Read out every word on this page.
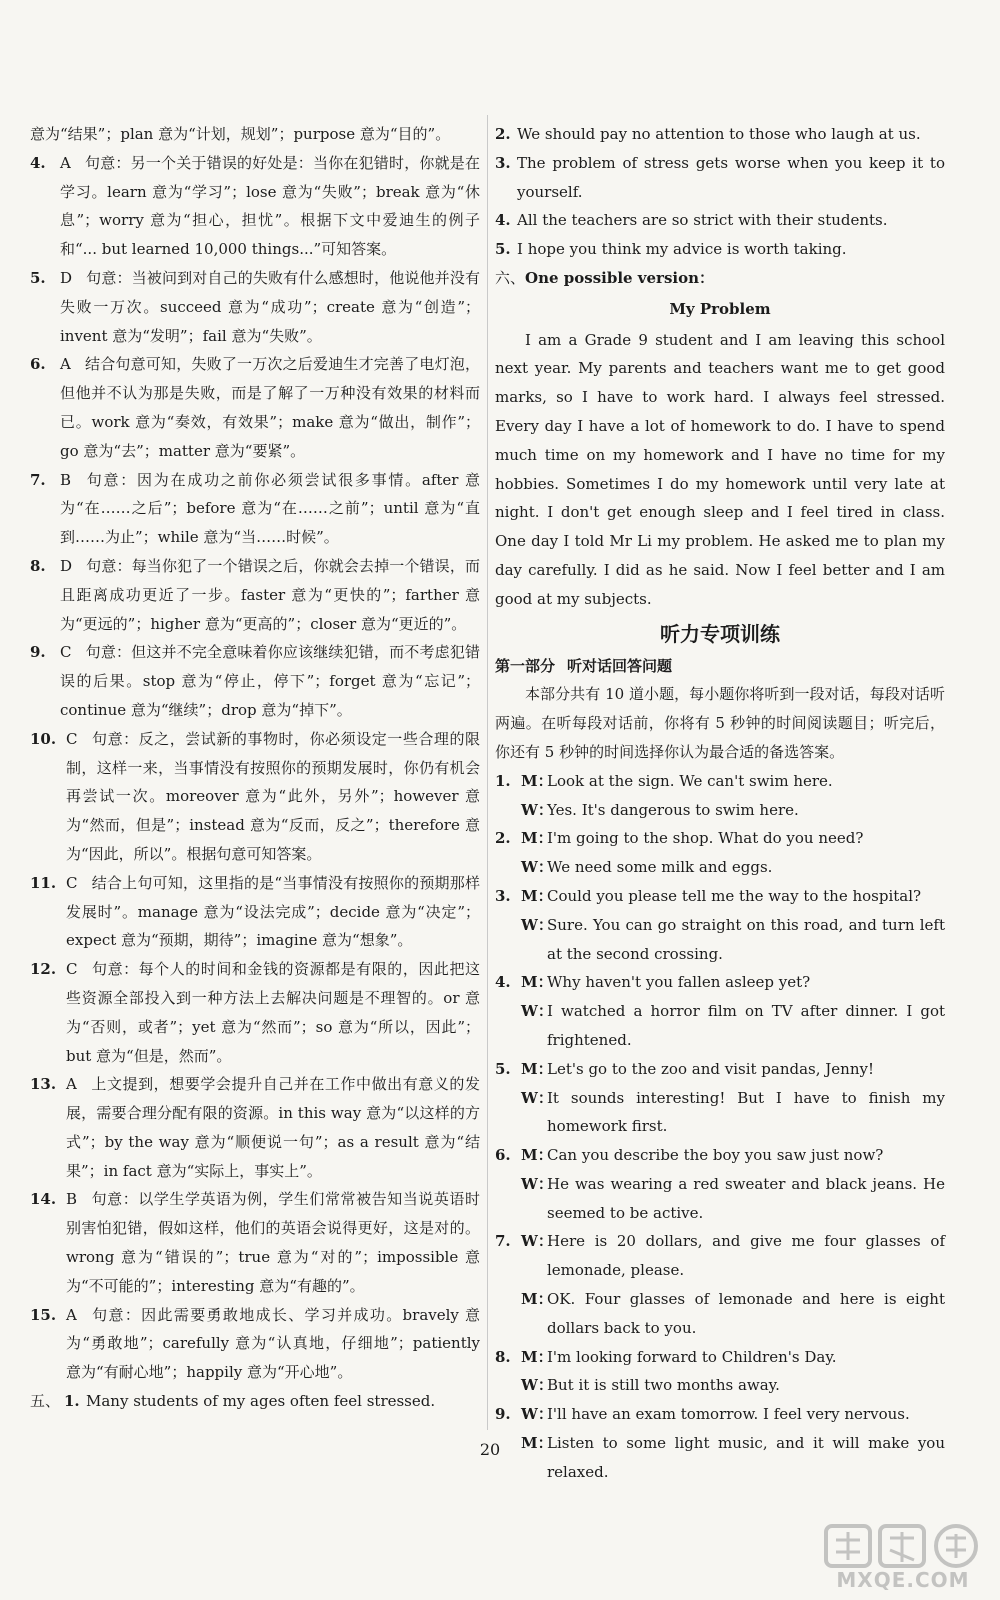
意为“结果”；plan 意为“计划，规划”；purpose 意为“目的”。

4. A 句意：另一个关于错误的好处是：当你在犯错时，你就是在学习。learn 意为“学习”；lose 意为“失败”；break 意为“休息”；worry 意为“担心，担忧”。根据下文中爱迪生的例子和“... but learned 10,000 things...”可知答案。
5. D 句意：当被问到对自己的失败有什么感想时，他说他并没有失败一万次。succeed 意为“成功”；create 意为“创造”；invent 意为“发明”；fail 意为“失败”。
6. A 结合句意可知，失败了一万次之后爱迪生才完善了电灯泡，但他并不认为那是失败，而是了解了一万种没有效果的材料而已。work 意为“奏效，有效果”；make 意为“做出，制作”；go 意为“去”；matter 意为“要紧”。
7. B 句意：因为在成功之前你必须尝试很多事情。after 意为“在……之后”；before 意为“在……之前”；until 意为“直到……为止”；while 意为“当……时候”。
8. D 句意：每当你犯了一个错误之后，你就会去掉一个错误，而且距离成功更近了一步。faster 意为“更快的”；farther 意为“更远的”；higher 意为“更高的”；closer 意为“更近的”。
9. C 句意：但这并不完全意味着你应该继续犯错，而不考虑犯错误的后果。stop 意为“停止，停下”；forget 意为“忘记”；continue 意为“继续”；drop 意为“掉下”。
10. C 句意：反之，尝试新的事物时，你必须设定一些合理的限制，这样一来，当事情没有按照你的预期发展时，你仍有机会再尝试一次。moreover 意为“此外，另外”；however 意为“然而，但是”；instead 意为“反而，反之”；therefore 意为“因此，所以”。根据句意可知答案。
11. C 结合上句可知，这里指的是“当事情没有按照你的预期那样发展时”。manage 意为“设法完成”；decide 意为“决定”；expect 意为“预期，期待”；imagine 意为“想象”。
12. C 句意：每个人的时间和金钱的资源都是有限的，因此把这些资源全部投入到一种方法上去解决问题是不理智的。or 意为“否则，或者”；yet 意为“然而”；so 意为“所以，因此”；but 意为“但是，然而”。
13. A 上文提到，想要学会提升自己并在工作中做出有意义的发展，需要合理分配有限的资源。in this way 意为“以这样的方式”；by the way 意为“顺便说一句”；as a result 意为“结果”；in fact 意为“实际上，事实上”。
14. B 句意：以学生学英语为例，学生们常常被告知当说英语时别害怕犯错，假如这样，他们的英语会说得更好，这是对的。wrong 意为“错误的”；true 意为“对的”；impossible 意为“不可能的”；interesting 意为“有趣的”。
15. A 句意：因此需要勇敢地成长、学习并成功。bravely 意为“勇敢地”；carefully 意为“认真地，仔细地”；patiently 意为“有耐心地”；happily 意为“开心地”。
五、 1. Many students of my ages often feel stressed.
2. We should pay no attention to those who laugh at us.
3. The problem of stress gets worse when you keep it to yourself.
4. All the teachers are so strict with their students.
5. I hope you think my advice is worth taking.
六、One possible version：
My Problem

I am a Grade 9 student and I am leaving this school next year. My parents and teachers want me to get good marks, so I have to work hard. I always feel stressed. Every day I have a lot of homework to do. I have to spend much time on my homework and I have no time for my hobbies. Sometimes I do my homework until very late at night. I don't get enough sleep and I feel tired in class. One day I told Mr Li my problem. He asked me to plan my day carefully. I did as he said. Now I feel better and I am good at my subjects.

听力专项训练
第一部分 听对话回答问题

本部分共有 10 道小题，每小题你将听到一段对话，每段对话听两遍。在听每段对话前，你将有 5 秒钟的时间阅读题目；听完后，你还有 5 秒钟的时间选择你认为最合适的备选答案。

1. M：
Look at the sign. We can't swim here.
W：
Yes. It's dangerous to swim here.
2. M：
I'm going to the shop. What do you need?
W：
We need some milk and eggs.
3. M：
Could you please tell me the way to the hospital?
W：
Sure. You can go straight on this road, and turn left at the second crossing.
4. M：
Why haven't you fallen asleep yet?
W：
I watched a horror film on TV after dinner. I got frightened.
5. M：
Let's go to the zoo and visit pandas, Jenny!
W：
It sounds interesting! But I have to finish my homework first.
6. M：
Can you describe the boy you saw just now?
W：
He was wearing a red sweater and black jeans. He seemed to be active.
7. W：
Here is 20 dollars, and give me four glasses of lemonade, please.
M：
OK. Four glasses of lemonade and here is eight dollars back to you.
8. M：
I'm looking forward to Children's Day.
W：
But it is still two months away.
9. W：
I'll have an exam tomorrow. I feel very nervous.
M：
Listen to some light music, and it will make you relaxed.
20
MXQE.COM
